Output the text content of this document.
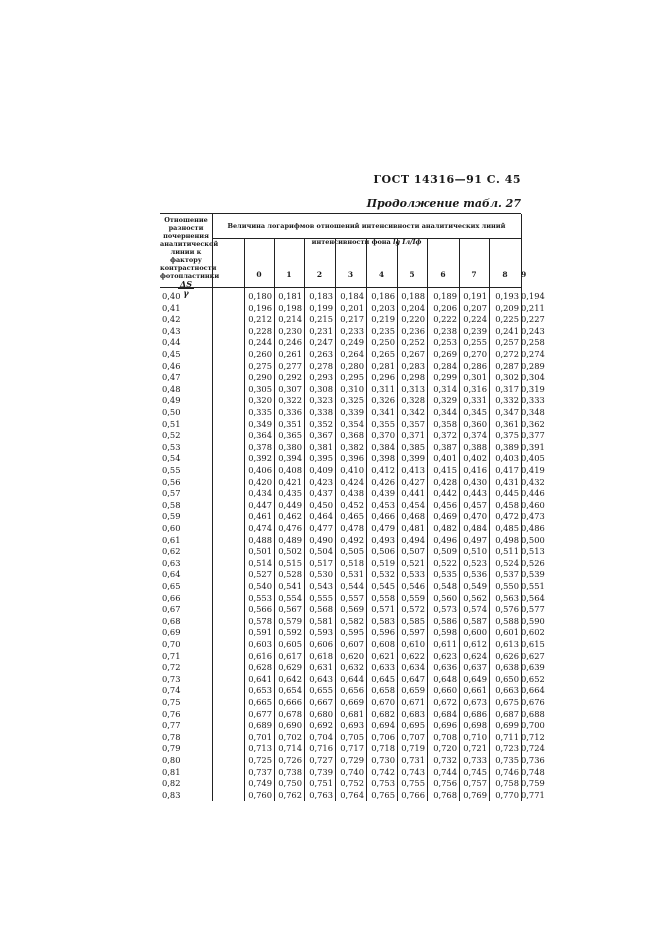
ГОСТ 14316—91 С. 45
Продолжение табл. 27
Отношение разности почернения аналитической линии к фактору контрастности фотопластинки
$\frac{\Delta S}{\gamma}$
Величина логарифмов отношений интенсивности аналитических линий интенсивности фона lg Iл/Iф
0	1	2	3	4	5	6	7	8	9
0,40	0,180 0,181 0,183 0,184 0,186 0,188 0,189 0,191 0,193 0,194
0,41	0,196 0,198 0,199 0,201 0,203 0,204 0,206 0,207 0,209 0,211
0,42	0,212 0,214 0,215 0,217 0,219 0,220 0,222 0,224 0,225 0,227
0,43	0,228 0,230 0,231 0,233 0,235 0,236 0,238 0,239 0,241 0,243
0,44	0,244 0,246 0,247 0,249 0,250 0,252 0,253 0,255 0,257 0,258
0,45	0,260 0,261 0,263 0,264 0,265 0,267 0,269 0,270 0,272 0,274
0,46	0,275 0,277 0,278 0,280 0,281 0,283 0,284 0,286 0,287 0,289
0,47	0,290 0,292 0,293 0,295 0,296 0,298 0,299 0,301 0,302 0,304
0,48	0,305 0,307 0,308 0,310 0,311 0,313 0,314 0,316 0,317 0,319
0,49	0,320 0,322 0,323 0,325 0,326 0,328 0,329 0,331 0,332 0,333
0,50	0,335 0,336 0,338 0,339 0,341 0,342 0,344 0,345 0,347 0,348
0,51	0,349 0,351 0,352 0,354 0,355 0,357 0,358 0,360 0,361 0,362
0,52	0,364 0,365 0,367 0,368 0,370 0,371 0,372 0,374 0,375 0,377
0,53	0,378 0,380 0,381 0,382 0,384 0,385 0,387 0,388 0,389 0,391
0,54	0,392 0,394 0,395 0,396 0,398 0,399 0,401 0,402 0,403 0,405
0,55	0,406 0,408 0,409 0,410 0,412 0,413 0,415 0,416 0,417 0,419
0,56	0,420 0,421 0,423 0,424 0,426 0,427 0,428 0,430 0,431 0,432
0,57	0,434 0,435 0,437 0,438 0,439 0,441 0,442 0,443 0,445 0,446
0,58	0,447 0,449 0,450 0,452 0,453 0,454 0,456 0,457 0,458 0,460
0,59	0,461 0,462 0,464 0,465 0,466 0,468 0,469 0,470 0,472 0,473
0,60	0,474 0,476 0,477 0,478 0,479 0,481 0,482 0,484 0,485 0,486
0,61	0,488 0,489 0,490 0,492 0,493 0,494 0,496 0,497 0,498 0,500
0,62	0,501 0,502 0,504 0,505 0,506 0,507 0,509 0,510 0,511 0,513
0,63	0,514 0,515 0,517 0,518 0,519 0,521 0,522 0,523 0,524 0,526
0,64	0,527 0,528 0,530 0,531 0,532 0,533 0,535 0,536 0,537 0,539
0,65	0,540 0,541 0,543 0,544 0,545 0,546 0,548 0,549 0,550 0,551
0,66	0,553 0,554 0,555 0,557 0,558 0,559 0,560 0,562 0,563 0,564
0,67	0,566 0,567 0,568 0,569 0,571 0,572 0,573 0,574 0,576 0,577
0,68	0,578 0,579 0,581 0,582 0,583 0,585 0,586 0,587 0,588 0,590
0,69	0,591 0,592 0,593 0,595 0,596 0,597 0,598 0,600 0,601 0,602
0,70	0,603 0,605 0,606 0,607 0,608 0,610 0,611 0,612 0,613 0,615
0,71	0,616 0,617 0,618 0,620 0,621 0,622 0,623 0,624 0,626 0,627
0,72	0,628 0,629 0,631 0,632 0,633 0,634 0,636 0,637 0,638 0,639
0,73	0,641 0,642 0,643 0,644 0,645 0,647 0,648 0,649 0,650 0,652
0,74	0,653 0,654 0,655 0,656 0,658 0,659 0,660 0,661 0,663 0,664
0,75	0,665 0,666 0,667 0,669 0,670 0,671 0,672 0,673 0,675 0,676
0,76	0,677 0,678 0,680 0,681 0,682 0,683 0,684 0,686 0,687 0,688
0,77	0,689 0,690 0,692 0,693 0,694 0,695 0,696 0,698 0,699 0,700
0,78	0,701 0,702 0,704 0,705 0,706 0,707 0,708 0,710 0,711 0,712
0,79	0,713 0,714 0,716 0,717 0,718 0,719 0,720 0,721 0,723 0,724
0,80	0,725 0,726 0,727 0,729 0,730 0,731 0,732 0,733 0,735 0,736
0,81	0,737 0,738 0,739 0,740 0,742 0,743 0,744 0,745 0,746 0,748
0,82	0,749 0,750 0,751 0,752 0,753 0,755 0,756 0,757 0,758 0,759
0,83	0,760 0,762 0,763 0,764 0,765 0,766 0,768 0,769 0,770 0,771
